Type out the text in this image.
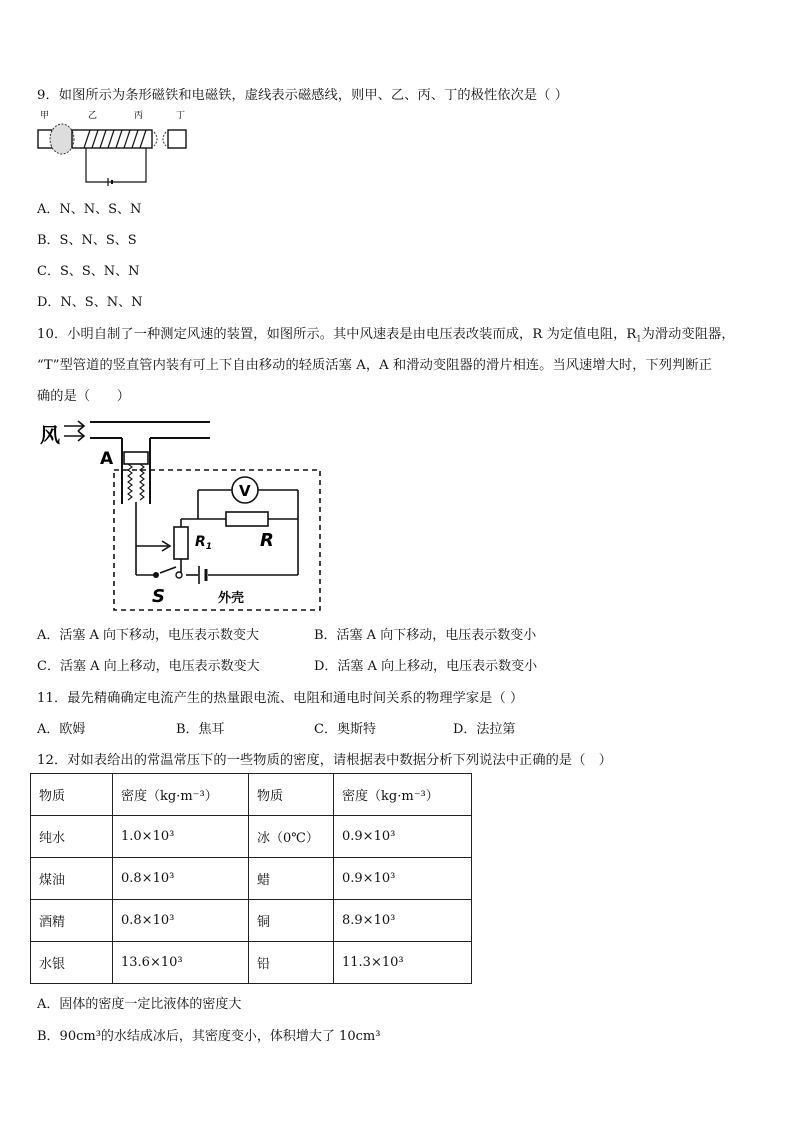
9．如图所示为条形磁铁和电磁铁，虚线表示磁感线，则甲、乙、丙、丁的极性依次是（ ）
甲	乙	丙	丁
A．N、N、S、N
B．S、N、S、S
C．S、S、N、N
D．N、S、N、N
10．小明自制了一种测定风速的装置，如图所示。其中风速表是由电压表改装而成，R 为定值电阻，$R_1$为滑动变阻器，
“T”型管道的竖直管内装有可上下自由移动的轻质活塞 A，A 和滑动变阻器的滑片相连。当风速增大时，下列判断正
确的是（　　）
风
A
V
$R_1$	R
S	外壳
A．活塞 A 向下移动，电压表示数变大	B．活塞 A 向下移动，电压表示数变小
C．活塞 A 向上移动，电压表示数变大	D．活塞 A 向上移动，电压表示数变小
11．最先精确确定电流产生的热量跟电流、电阻和通电时间关系的物理学家是（ ）
A．欧姆	B．焦耳	C．奥斯特	D．法拉第
12．对如表给出的常温常压下的一些物质的密度，请根据表中数据分析下列说法中正确的是（　）
物质	密度（kg·m⁻³）	物质	密度（kg·m⁻³）
纯水	1.0×10³	冰（0℃）	0.9×10³
煤油	0.8×10³	蜡	0.9×10³
酒精	0.8×10³	铜	8.9×10³
水银	13.6×10³	铅	11.3×10³
A．固体的密度一定比液体的密度大
B．90cm³的水结成冰后，其密度变小，体积增大了 10cm³
